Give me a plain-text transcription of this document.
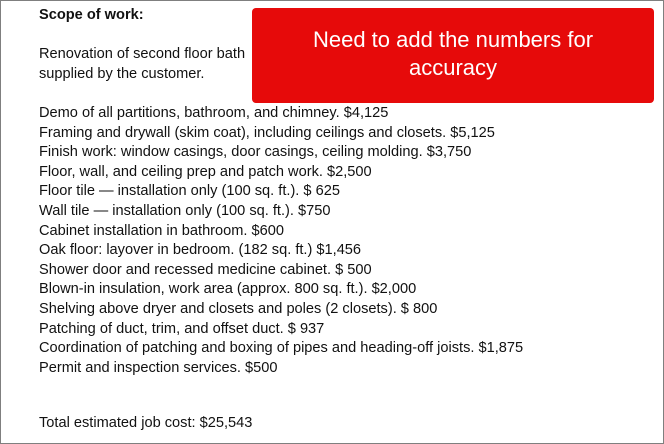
Scope of work:
Renovation of second floor bath
supplied by the customer.
Demo of all partitions, bathroom, and chimney. $4,125
Framing and drywall (skim coat), including ceilings and closets. $5,125
Finish work: window casings, door casings, ceiling molding. $3,750
Floor, wall, and ceiling prep and patch work. $2,500
Floor tile — installation only (100 sq. ft.). $ 625
Wall tile — installation only (100 sq. ft.). $750
Cabinet installation in bathroom. $600
Oak floor: layover in bedroom. (182 sq. ft.) $1,456
Shower door and recessed medicine cabinet. $ 500
Blown-in insulation, work area (approx. 800 sq. ft.). $2,000
Shelving above dryer and closets and poles (2 closets). $ 800
Patching of duct, trim, and offset duct. $ 937
Coordination of patching and boxing of pipes and heading-off joists. $1,875
Permit and inspection services. $500
Total estimated job cost: $25,543
Need to add the numbers for accuracy
